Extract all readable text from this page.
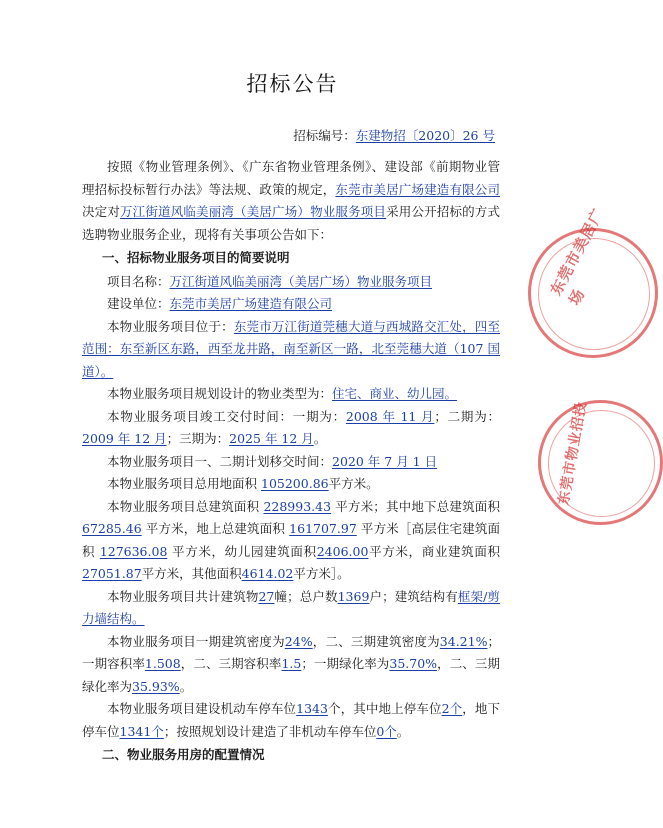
招标公告
招标编号：东建物招〔2020〕26 号

按照《物业管理条例》、《广东省物业管理条例》、建设部《前期物业管理招标投标暂行办法》等法规、政策的规定，东莞市美居广场建造有限公司决定对万江街道风临美丽湾（美居广场）物业服务项目采用公开招标的方式选聘物业服务企业，现将有关事项公告如下：

一、招标物业服务项目的简要说明

项目名称：万江街道风临美丽湾（美居广场）物业服务项目

建设单位：东莞市美居广场建造有限公司

本物业服务项目位于：东莞市万江街道莞穗大道与西城路交汇处，四至范围：东至新区东路，西至龙井路，南至新区一路，北至莞穗大道（107 国道）。

本物业服务项目规划设计的物业类型为：住宅、商业、幼儿园。

本物业服务项目竣工交付时间：一期为：2008 年 11 月；二期为：2009 年 12 月；三期为：2025 年 12 月。

本物业服务项目一、二期计划移交时间：2020 年 7 月 1 日

本物业服务项目总用地面积 105200.86平方米。

本物业服务项目总建筑面积 228993.43 平方米；其中地下总建筑面积 67285.46 平方米，地上总建筑面积 161707.97 平方米［高层住宅建筑面积 127636.08 平方米，幼儿园建筑面积2406.00平方米，商业建筑面积27051.87平方米，其他面积4614.02平方米］。

本物业服务项目共计建筑物27幢；总户数1369户；建筑结构有框架/剪力墙结构。

本物业服务项目一期建筑密度为24%，二、三期建筑密度为34.21%；一期容积率1.508，二、三期容积率1.5；一期绿化率为35.70%，二、三期绿化率为35.93%。

本物业服务项目建设机动车停车位1343个，其中地上停车位2个，地下停车位1341个；按照规划设计建造了非机动车停车位0个。

二、物业服务用房的配置情况

东莞市美居广场
东莞市物业招投
